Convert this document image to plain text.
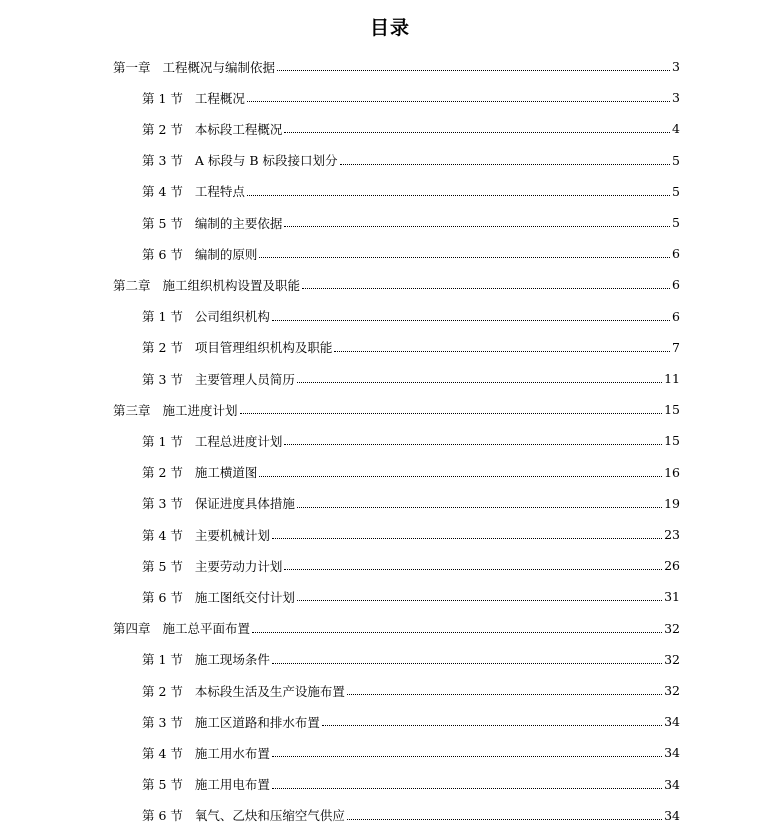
目录
第一章 工程概况与编制依据	3
第 1 节 工程概况	3
第 2 节 本标段工程概况	4
第 3 节 A 标段与 B 标段接口划分	5
第 4 节 工程特点	5
第 5 节 编制的主要依据	5
第 6 节 编制的原则	6
第二章 施工组织机构设置及职能	6
第 1 节 公司组织机构	6
第 2 节 项目管理组织机构及职能	7
第 3 节 主要管理人员简历	11
第三章 施工进度计划	15
第 1 节 工程总进度计划	15
第 2 节 施工横道图	16
第 3 节 保证进度具体措施	19
第 4 节 主要机械计划	23
第 5 节 主要劳动力计划	26
第 6 节 施工图纸交付计划	31
第四章 施工总平面布置	32
第 1 节 施工现场条件	32
第 2 节 本标段生活及生产设施布置	32
第 3 节 施工区道路和排水布置	34
第 4 节 施工用水布置	34
第 5 节 施工用电布置	34
第 6 节 氧气、乙炔和压缩空气供应	34
